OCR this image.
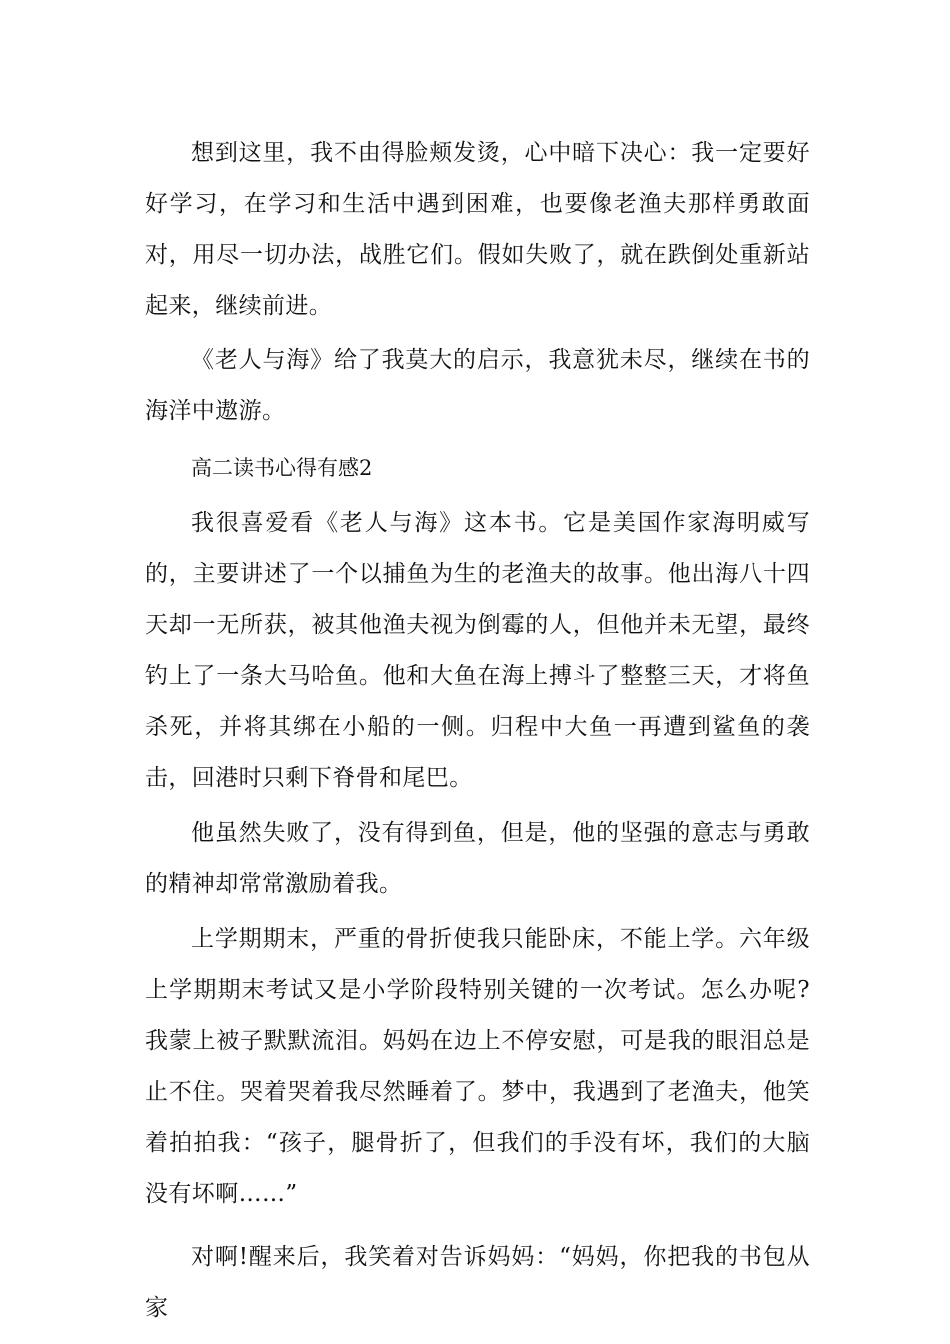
想到这里，我不由得脸颊发烫，心中暗下决心：我一定要好好学习，在学习和生活中遇到困难，也要像老渔夫那样勇敢面对，用尽一切办法，战胜它们。假如失败了，就在跌倒处重新站起来，继续前进。

《老人与海》给了我莫大的启示，我意犹未尽，继续在书的海洋中遨游。

高二读书心得有感2

我很喜爱看《老人与海》这本书。它是美国作家海明威写的，主要讲述了一个以捕鱼为生的老渔夫的故事。他出海八十四天却一无所获，被其他渔夫视为倒霉的人，但他并未无望，最终钓上了一条大马哈鱼。他和大鱼在海上搏斗了整整三天，才将鱼杀死，并将其绑在小船的一侧。归程中大鱼一再遭到鲨鱼的袭击，回港时只剩下脊骨和尾巴。

他虽然失败了，没有得到鱼，但是，他的坚强的意志与勇敢的精神却常常激励着我。

上学期期末，严重的骨折使我只能卧床，不能上学。六年级上学期期末考试又是小学阶段特别关键的一次考试。怎么办呢?我蒙上被子默默流泪。妈妈在边上不停安慰，可是我的眼泪总是止不住。哭着哭着我尽然睡着了。梦中，我遇到了老渔夫，他笑着拍拍我：“孩子，腿骨折了，但我们的手没有坏，我们的大脑没有坏啊……”

对啊!醒来后，我笑着对告诉妈妈：“妈妈，你把我的书包从家
